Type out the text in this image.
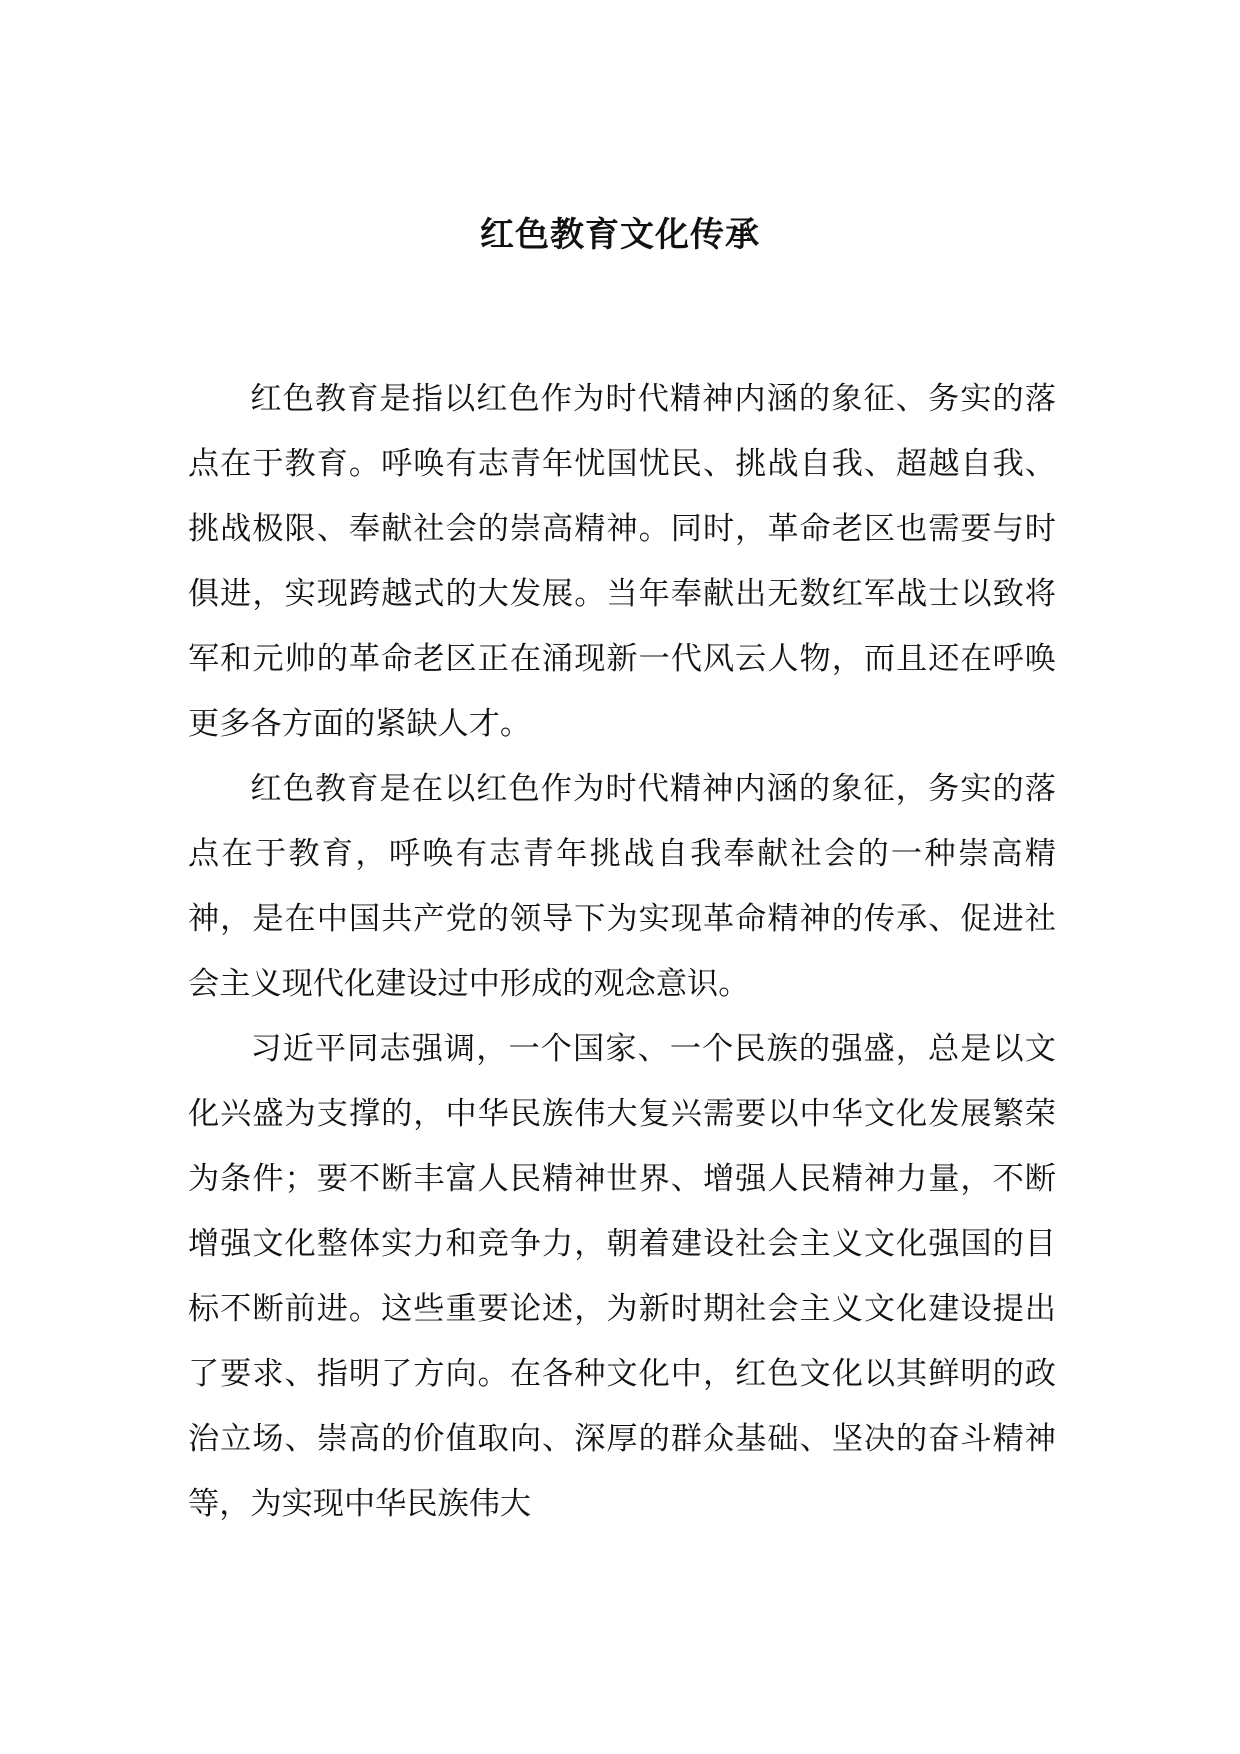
红色教育文化传承

红色教育是指以红色作为时代精神内涵的象征、务实的落点在于教育。呼唤有志青年忧国忧民、挑战自我、超越自我、挑战极限、奉献社会的崇高精神。同时，革命老区也需要与时俱进，实现跨越式的大发展。当年奉献出无数红军战士以致将军和元帅的革命老区正在涌现新一代风云人物，而且还在呼唤更多各方面的紧缺人才。

红色教育是在以红色作为时代精神内涵的象征，务实的落点在于教育，呼唤有志青年挑战自我奉献社会的一种崇高精神，是在中国共产党的领导下为实现革命精神的传承、促进社会主义现代化建设过中形成的观念意识。

习近平同志强调，一个国家、一个民族的强盛，总是以文化兴盛为支撑的，中华民族伟大复兴需要以中华文化发展繁荣为条件；要不断丰富人民精神世界、增强人民精神力量，不断增强文化整体实力和竞争力，朝着建设社会主义文化强国的目标不断前进。这些重要论述，为新时期社会主义文化建设提出了要求、指明了方向。在各种文化中，红色文化以其鲜明的政治立场、崇高的价值取向、深厚的群众基础、坚决的奋斗精神等，为实现中华民族伟大
